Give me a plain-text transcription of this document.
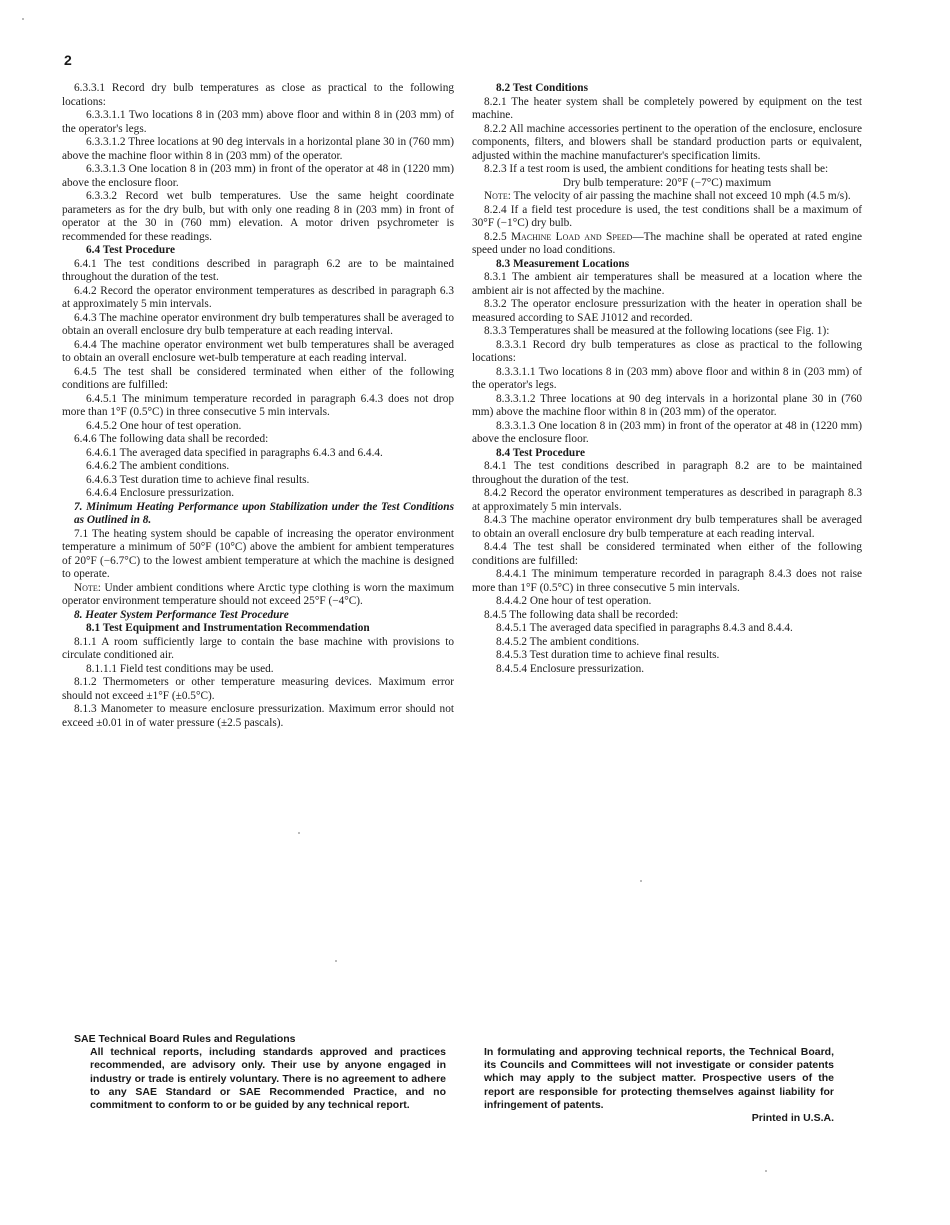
2

6.3.3.1 Record dry bulb temperatures as close as practical to the following locations:

6.3.3.1.1 Two locations 8 in (203 mm) above floor and within 8 in (203 mm) of the operator's legs.

6.3.3.1.2 Three locations at 90 deg intervals in a horizontal plane 30 in (760 mm) above the machine floor within 8 in (203 mm) of the operator.

6.3.3.1.3 One location 8 in (203 mm) in front of the operator at 48 in (1220 mm) above the enclosure floor.

6.3.3.2 Record wet bulb temperatures. Use the same height coordinate parameters as for the dry bulb, but with only one reading 8 in (203 mm) in front of operator at the 30 in (760 mm) elevation. A motor driven psychrometer is recommended for these readings.

6.4 Test Procedure

6.4.1 The test conditions described in paragraph 6.2 are to be maintained throughout the duration of the test.

6.4.2 Record the operator environment temperatures as described in paragraph 6.3 at approximately 5 min intervals.

6.4.3 The machine operator environment dry bulb temperatures shall be averaged to obtain an overall enclosure dry bulb temperature at each reading interval.

6.4.4 The machine operator environment wet bulb temperatures shall be averaged to obtain an overall enclosure wet-bulb temperature at each reading interval.

6.4.5 The test shall be considered terminated when either of the following conditions are fulfilled:

6.4.5.1 The minimum temperature recorded in paragraph 6.4.3 does not drop more than 1°F (0.5°C) in three consecutive 5 min intervals.

6.4.5.2 One hour of test operation.

6.4.6 The following data shall be recorded:

6.4.6.1 The averaged data specified in paragraphs 6.4.3 and 6.4.4.

6.4.6.2 The ambient conditions.

6.4.6.3 Test duration time to achieve final results.

6.4.6.4 Enclosure pressurization.

7. Minimum Heating Performance upon Stabilization under the Test Conditions as Outlined in 8.

7.1 The heating system should be capable of increasing the operator environment temperature a minimum of 50°F (10°C) above the ambient for ambient temperatures of 20°F (−6.7°C) to the lowest ambient temperature at which the machine is designed to operate.

Note: Under ambient conditions where Arctic type clothing is worn the maximum operator environment temperature should not exceed 25°F (−4°C).

8. Heater System Performance Test Procedure

8.1 Test Equipment and Instrumentation Recommendation

8.1.1 A room sufficiently large to contain the base machine with provisions to circulate conditioned air.

8.1.1.1 Field test conditions may be used.

8.1.2 Thermometers or other temperature measuring devices. Maximum error should not exceed ±1°F (±0.5°C).

8.1.3 Manometer to measure enclosure pressurization. Maximum error should not exceed ±0.01 in of water pressure (±2.5 pascals).

8.2 Test Conditions

8.2.1 The heater system shall be completely powered by equipment on the test machine.

8.2.2 All machine accessories pertinent to the operation of the enclosure, enclosure components, filters, and blowers shall be standard production parts or equivalent, adjusted within the machine manufacturer's specification limits.

8.2.3 If a test room is used, the ambient conditions for heating tests shall be:

Dry bulb temperature: 20°F (−7°C) maximum

Note: The velocity of air passing the machine shall not exceed 10 mph (4.5 m/s).

8.2.4 If a field test procedure is used, the test conditions shall be a maximum of 30°F (−1°C) dry bulb.

8.2.5 Machine Load and Speed—The machine shall be operated at rated engine speed under no load conditions.

8.3 Measurement Locations

8.3.1 The ambient air temperatures shall be measured at a location where the ambient air is not affected by the machine.

8.3.2 The operator enclosure pressurization with the heater in operation shall be measured according to SAE J1012 and recorded.

8.3.3 Temperatures shall be measured at the following locations (see Fig. 1):

8.3.3.1 Record dry bulb temperatures as close as practical to the following locations:

8.3.3.1.1 Two locations 8 in (203 mm) above floor and within 8 in (203 mm) of the operator's legs.

8.3.3.1.2 Three locations at 90 deg intervals in a horizontal plane 30 in (760 mm) above the machine floor within 8 in (203 mm) of the operator.

8.3.3.1.3 One location 8 in (203 mm) in front of the operator at 48 in (1220 mm) above the enclosure floor.

8.4 Test Procedure

8.4.1 The test conditions described in paragraph 8.2 are to be maintained throughout the duration of the test.

8.4.2 Record the operator environment temperatures as described in paragraph 8.3 at approximately 5 min intervals.

8.4.3 The machine operator environment dry bulb temperatures shall be averaged to obtain an overall enclosure dry bulb temperature at each reading interval.

8.4.4 The test shall be considered terminated when either of the following conditions are fulfilled:

8.4.4.1 The minimum temperature recorded in paragraph 8.4.3 does not raise more than 1°F (0.5°C) in three consecutive 5 min intervals.

8.4.4.2 One hour of test operation.

8.4.5 The following data shall be recorded:

8.4.5.1 The averaged data specified in paragraphs 8.4.3 and 8.4.4.

8.4.5.2 The ambient conditions.

8.4.5.3 Test duration time to achieve final results.

8.4.5.4 Enclosure pressurization.

SAE Technical Board Rules and Regulations

All technical reports, including standards approved and practices recommended, are advisory only. Their use by anyone engaged in industry or trade is entirely voluntary. There is no agreement to adhere to any SAE Standard or SAE Recommended Practice, and no commitment to conform to or be guided by any technical report.

In formulating and approving technical reports, the Technical Board, its Councils and Committees will not investigate or consider patents which may apply to the subject matter. Prospective users of the report are responsible for protecting themselves against liability for infringement of patents.

Printed in U.S.A.
